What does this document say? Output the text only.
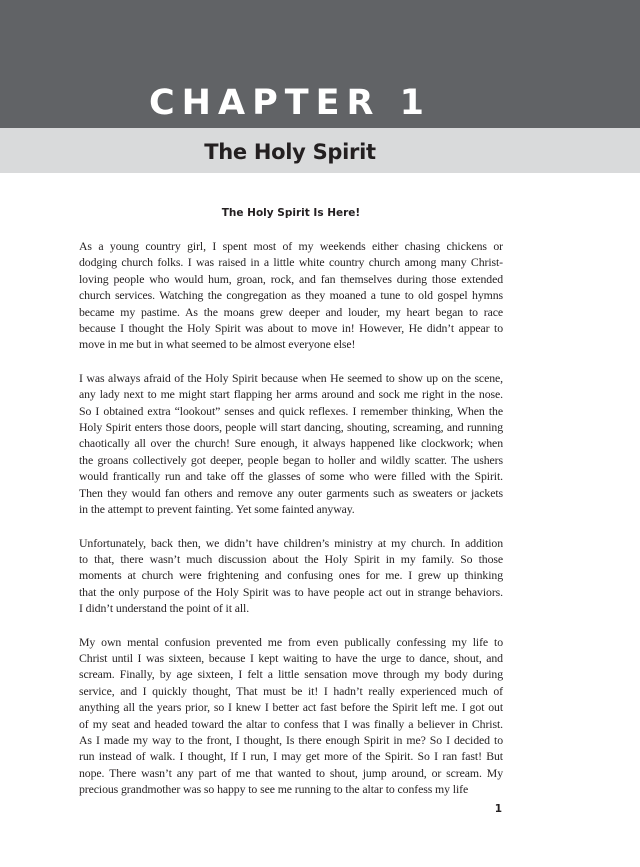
CHAPTER 1
The Holy Spirit
The Holy Spirit Is Here!

As a young country girl, I spent most of my weekends either chasing chickens or
dodging church folks. I was raised in a little white country church among many Christ-
loving people who would hum, groan, rock, and fan themselves during those extended
church services. Watching the congregation as they moaned a tune to old gospel hymns
became my pastime. As the moans grew deeper and louder, my heart began to race
because I thought the Holy Spirit was about to move in! However, He didn’t appear to
move in me but in what seemed to be almost everyone else!

I was always afraid of the Holy Spirit because when He seemed to show up on the scene,
any lady next to me might start flapping her arms around and sock me right in the nose.
So I obtained extra “lookout” senses and quick reflexes. I remember thinking, When the
Holy Spirit enters those doors, people will start dancing, shouting, screaming, and running
chaotically all over the church! Sure enough, it always happened like clockwork; when
the groans collectively got deeper, people began to holler and wildly scatter. The ushers
would frantically run and take off the glasses of some who were filled with the Spirit.
Then they would fan others and remove any outer garments such as sweaters or jackets
in the attempt to prevent fainting. Yet some fainted anyway.

Unfortunately, back then, we didn’t have children’s ministry at my church. In addition
to that, there wasn’t much discussion about the Holy Spirit in my family. So those
moments at church were frightening and confusing ones for me. I grew up thinking
that the only purpose of the Holy Spirit was to have people act out in strange behaviors.
I didn’t understand the point of it all.

My own mental confusion prevented me from even publically confessing my life to
Christ until I was sixteen, because I kept waiting to have the urge to dance, shout, and
scream. Finally, by age sixteen, I felt a little sensation move through my body during
service, and I quickly thought, That must be it! I hadn’t really experienced much of
anything all the years prior, so I knew I better act fast before the Spirit left me. I got out
of my seat and headed toward the altar to confess that I was finally a believer in Christ.
As I made my way to the front, I thought, Is there enough Spirit in me? So I decided to
run instead of walk. I thought, If I run, I may get more of the Spirit. So I ran fast! But
nope. There wasn’t any part of me that wanted to shout, jump around, or scream. My
precious grandmother was so happy to see me running to the altar to confess my life

1
